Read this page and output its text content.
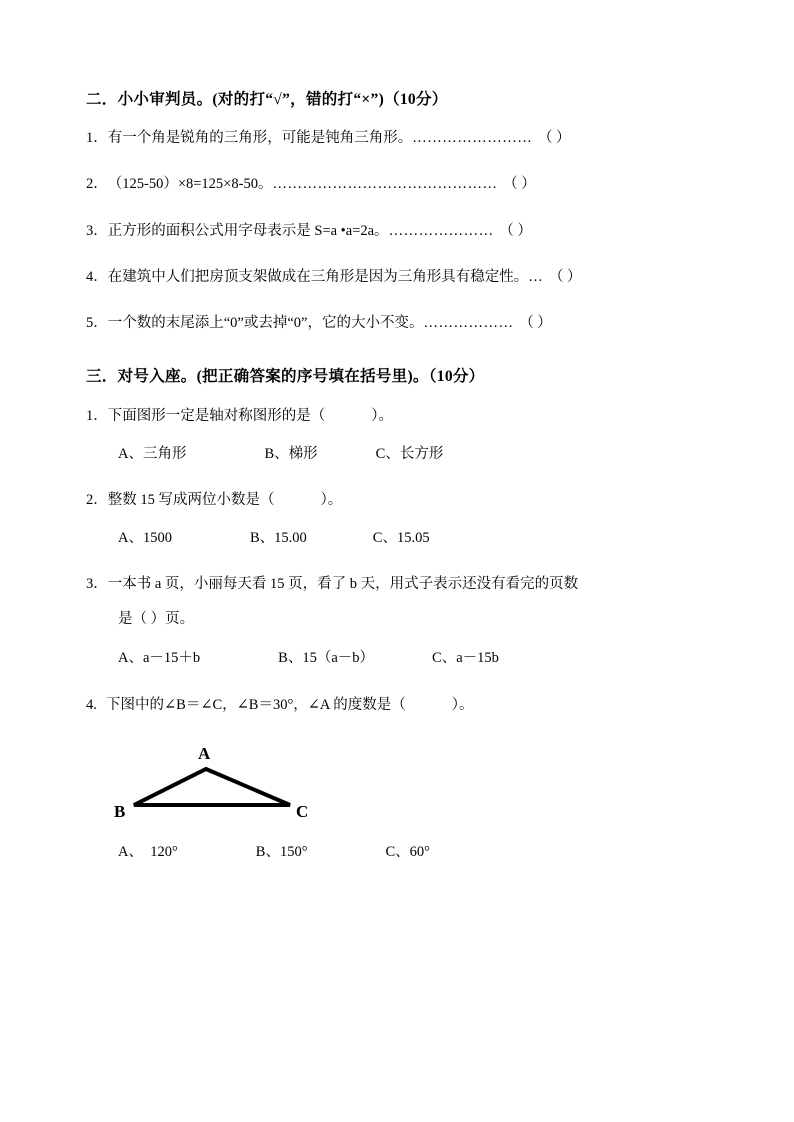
二．小小审判员。(对的打“√”，错的打“×”)（10分）
1．有一个角是锐角的三角形，可能是钝角三角形。…………………… （ ）
2．（125-50）×8=125×8-50。……………………………………… （ ）
3．正方形的面积公式用字母表示是 S=a •a=2a。………………… （ ）
4．在建筑中人们把房顶支架做成在三角形是因为三角形具有稳定性。… （ ）
5．一个数的末尾添上“0”或去掉“0”，它的大小不变。……………… （ ）
三．对号入座。(把正确答案的序号填在括号里)。（10分）
1．下面图形一定是轴对称图形的是（	）。
A、三角形	B、梯形	C、长方形
2．整数 15 写成两位小数是（	）。
A、1500	B、15.00	C、15.05
3．一本书 a 页，小丽每天看 15 页，看了 b 天，用式子表示还没有看完的页数
是（ ）页。
A、a－15＋b	B、15（a－b）	C、a－15b
4. 下图中的∠B＝∠C，∠B＝30°，∠A 的度数是（	）。
A
B	C
A、  120°	B、150°	C、60°
